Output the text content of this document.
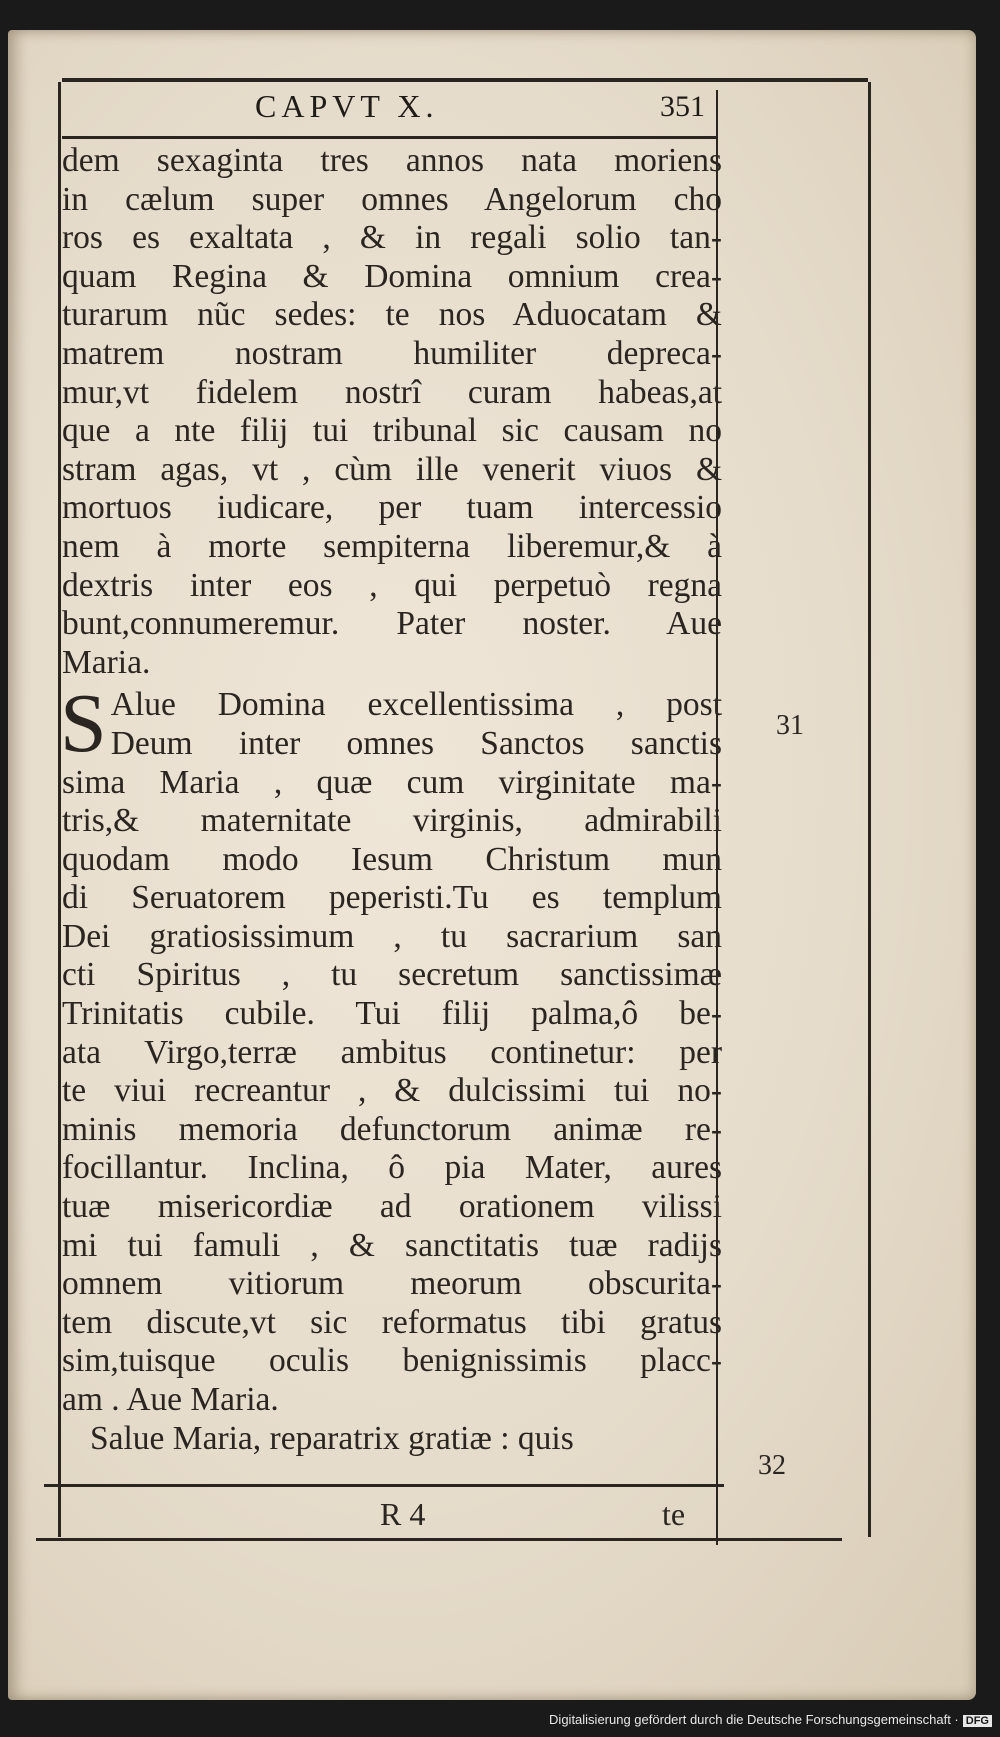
CAPVT X.	351
dem sexaginta tres annos nata moriens
in cælum super omnes Angelorum cho
ros es exaltata , & in regali solio tan-
quam Regina & Domina omnium crea-
turarum nũc sedes: te nos Aduocatam &
matrem nostram humiliter depreca-
mur,vt fidelem nostrî curam habeas,at
que a nte filij tui tribunal sic causam no
stram agas, vt , cùm ille venerit viuos &
mortuos iudicare, per tuam intercessio
nem à morte sempiterna liberemur,& à
dextris inter eos , qui perpetuò regna
bunt,connumeremur. Pater noster. Aue
Maria.
S Alue Domina excellentissima , post
Deum inter omnes Sanctos sanctis
sima Maria , quæ cum virginitate ma-
tris,& maternitate virginis, admirabili
quodam modo Iesum Christum mun
di Seruatorem peperisti.Tu es templum
Dei gratiosissimum , tu sacrarium san
cti Spiritus , tu secretum sanctissimæ
Trinitatis cubile. Tui filij palma,ô be-
ata Virgo,terræ ambitus continetur: per
te viui recreantur , & dulcissimi tui no-
minis memoria defunctorum animæ re-
focillantur. Inclina, ô pia Mater, aures
tuæ misericordiæ ad orationem vilissi
mi tui famuli , & sanctitatis tuæ radijs
omnem vitiorum meorum obscurita-
tem discute,vt sic reformatus tibi gratus
sim,tuisque oculis benignissimis placc-
am . Aue Maria.
Salue Maria, reparatrix gratiæ : quis
31
32
R 4	te
Digitalisierung gefördert durch die Deutsche Forschungsgemeinschaft · DFG
